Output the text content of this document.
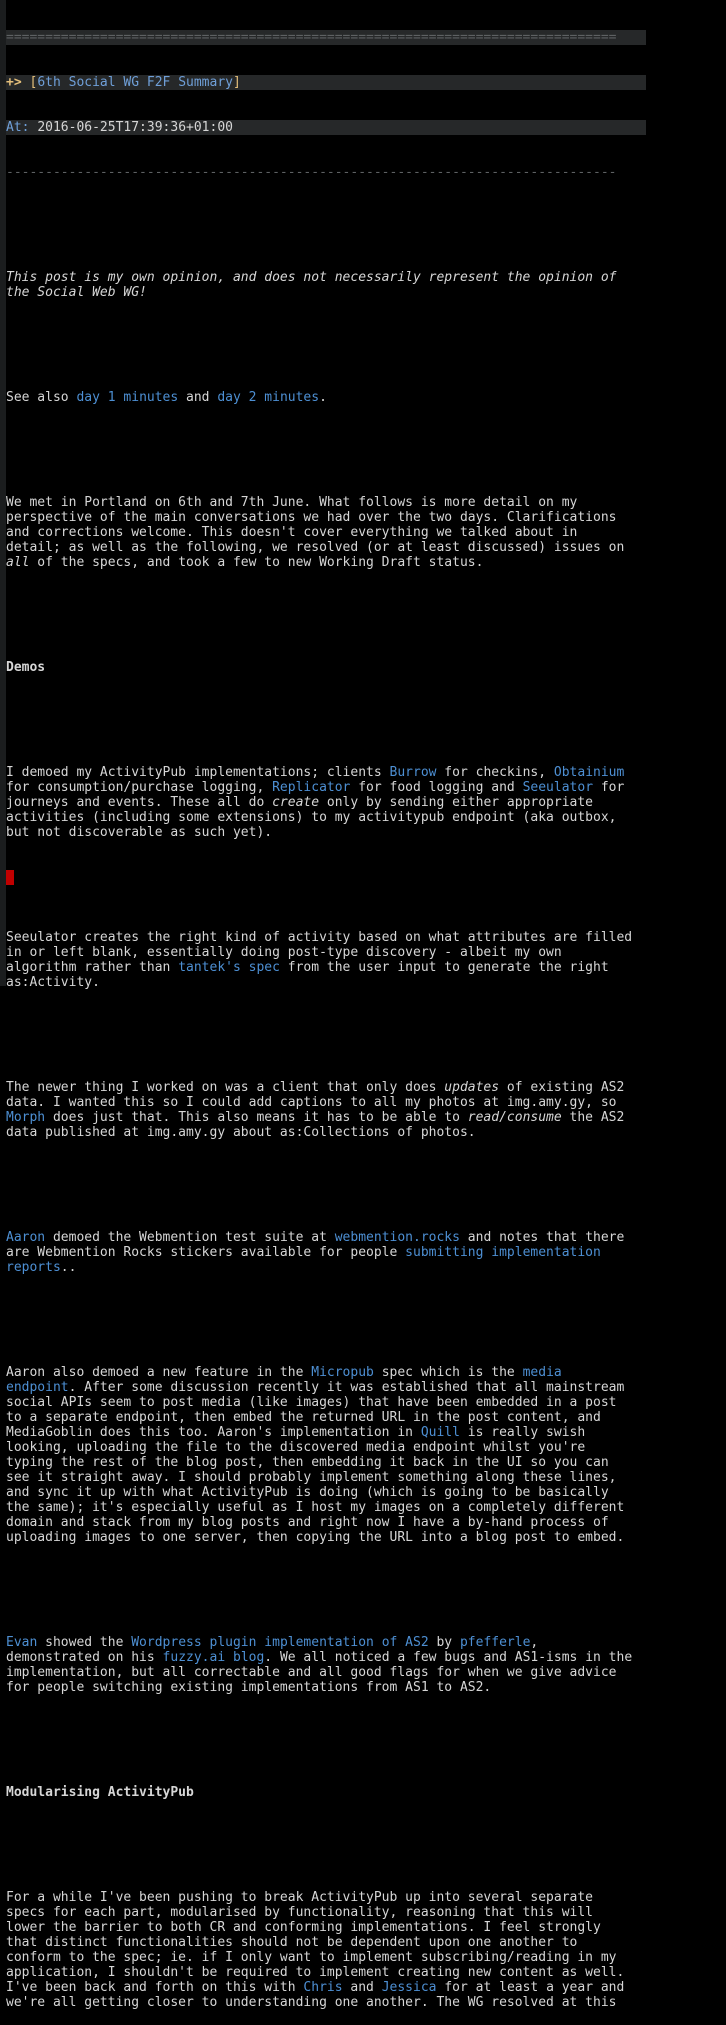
==============================================================================

+> [6th Social WG F2F Summary]

At: 2016-06-25T17:39:36+01:00

------------------------------------------------------------------------------

This post is my own opinion, and does not necessarily represent the opinion of
the Social Web WG!

See also day 1 minutes and day 2 minutes.

We met in Portland on 6th and 7th June. What follows is more detail on my
perspective of the main conversations we had over the two days. Clarifications
and corrections welcome. This doesn't cover everything we talked about in
detail; as well as the following, we resolved (or at least discussed) issues on
all of the specs, and took a few to new Working Draft status.

Demos

I demoed my ActivityPub implementations; clients Burrow for checkins, Obtainium
for consumption/purchase logging, Replicator for food logging and Seeulator for
journeys and events. These all do create only by sending either appropriate
activities (including some extensions) to my activitypub endpoint (aka outbox,
but not discoverable as such yet).

Seeulator creates the right kind of activity based on what attributes are filled
in or left blank, essentially doing post-type discovery - albeit my own
algorithm rather than tantek's spec from the user input to generate the right
as:Activity.

The newer thing I worked on was a client that only does updates of existing AS2
data. I wanted this so I could add captions to all my photos at img.amy.gy, so
Morph does just that. This also means it has to be able to read/consume the AS2
data published at img.amy.gy about as:Collections of photos.

Aaron demoed the Webmention test suite at webmention.rocks and notes that there
are Webmention Rocks stickers available for people submitting implementation
reports..

Aaron also demoed a new feature in the Micropub spec which is the media
endpoint. After some discussion recently it was established that all mainstream
social APIs seem to post media (like images) that have been embedded in a post
to a separate endpoint, then embed the returned URL in the post content, and
MediaGoblin does this too. Aaron's implementation in Quill is really swish
looking, uploading the file to the discovered media endpoint whilst you're
typing the rest of the blog post, then embedding it back in the UI so you can
see it straight away. I should probably implement something along these lines,
and sync it up with what ActivityPub is doing (which is going to be basically
the same); it's especially useful as I host my images on a completely different
domain and stack from my blog posts and right now I have a by-hand process of
uploading images to one server, then copying the URL into a blog post to embed.

Evan showed the Wordpress plugin implementation of AS2 by pfefferle,
demonstrated on his fuzzy.ai blog. We all noticed a few bugs and AS1-isms in the
implementation, but all correctable and all good flags for when we give advice
for people switching existing implementations from AS1 to AS2.

Modularising ActivityPub

For a while I've been pushing to break ActivityPub up into several separate
specs for each part, modularised by functionality, reasoning that this will
lower the barrier to both CR and conforming implementations. I feel strongly
that distinct functionalities should not be dependent upon one another to
conform to the spec; ie. if I only want to implement subscribing/reading in my
application, I shouldn't be required to implement creating new content as well.
I've been back and forth on this with Chris and Jessica for at least a year and
we're all getting closer to understanding one another. The WG resolved at this
